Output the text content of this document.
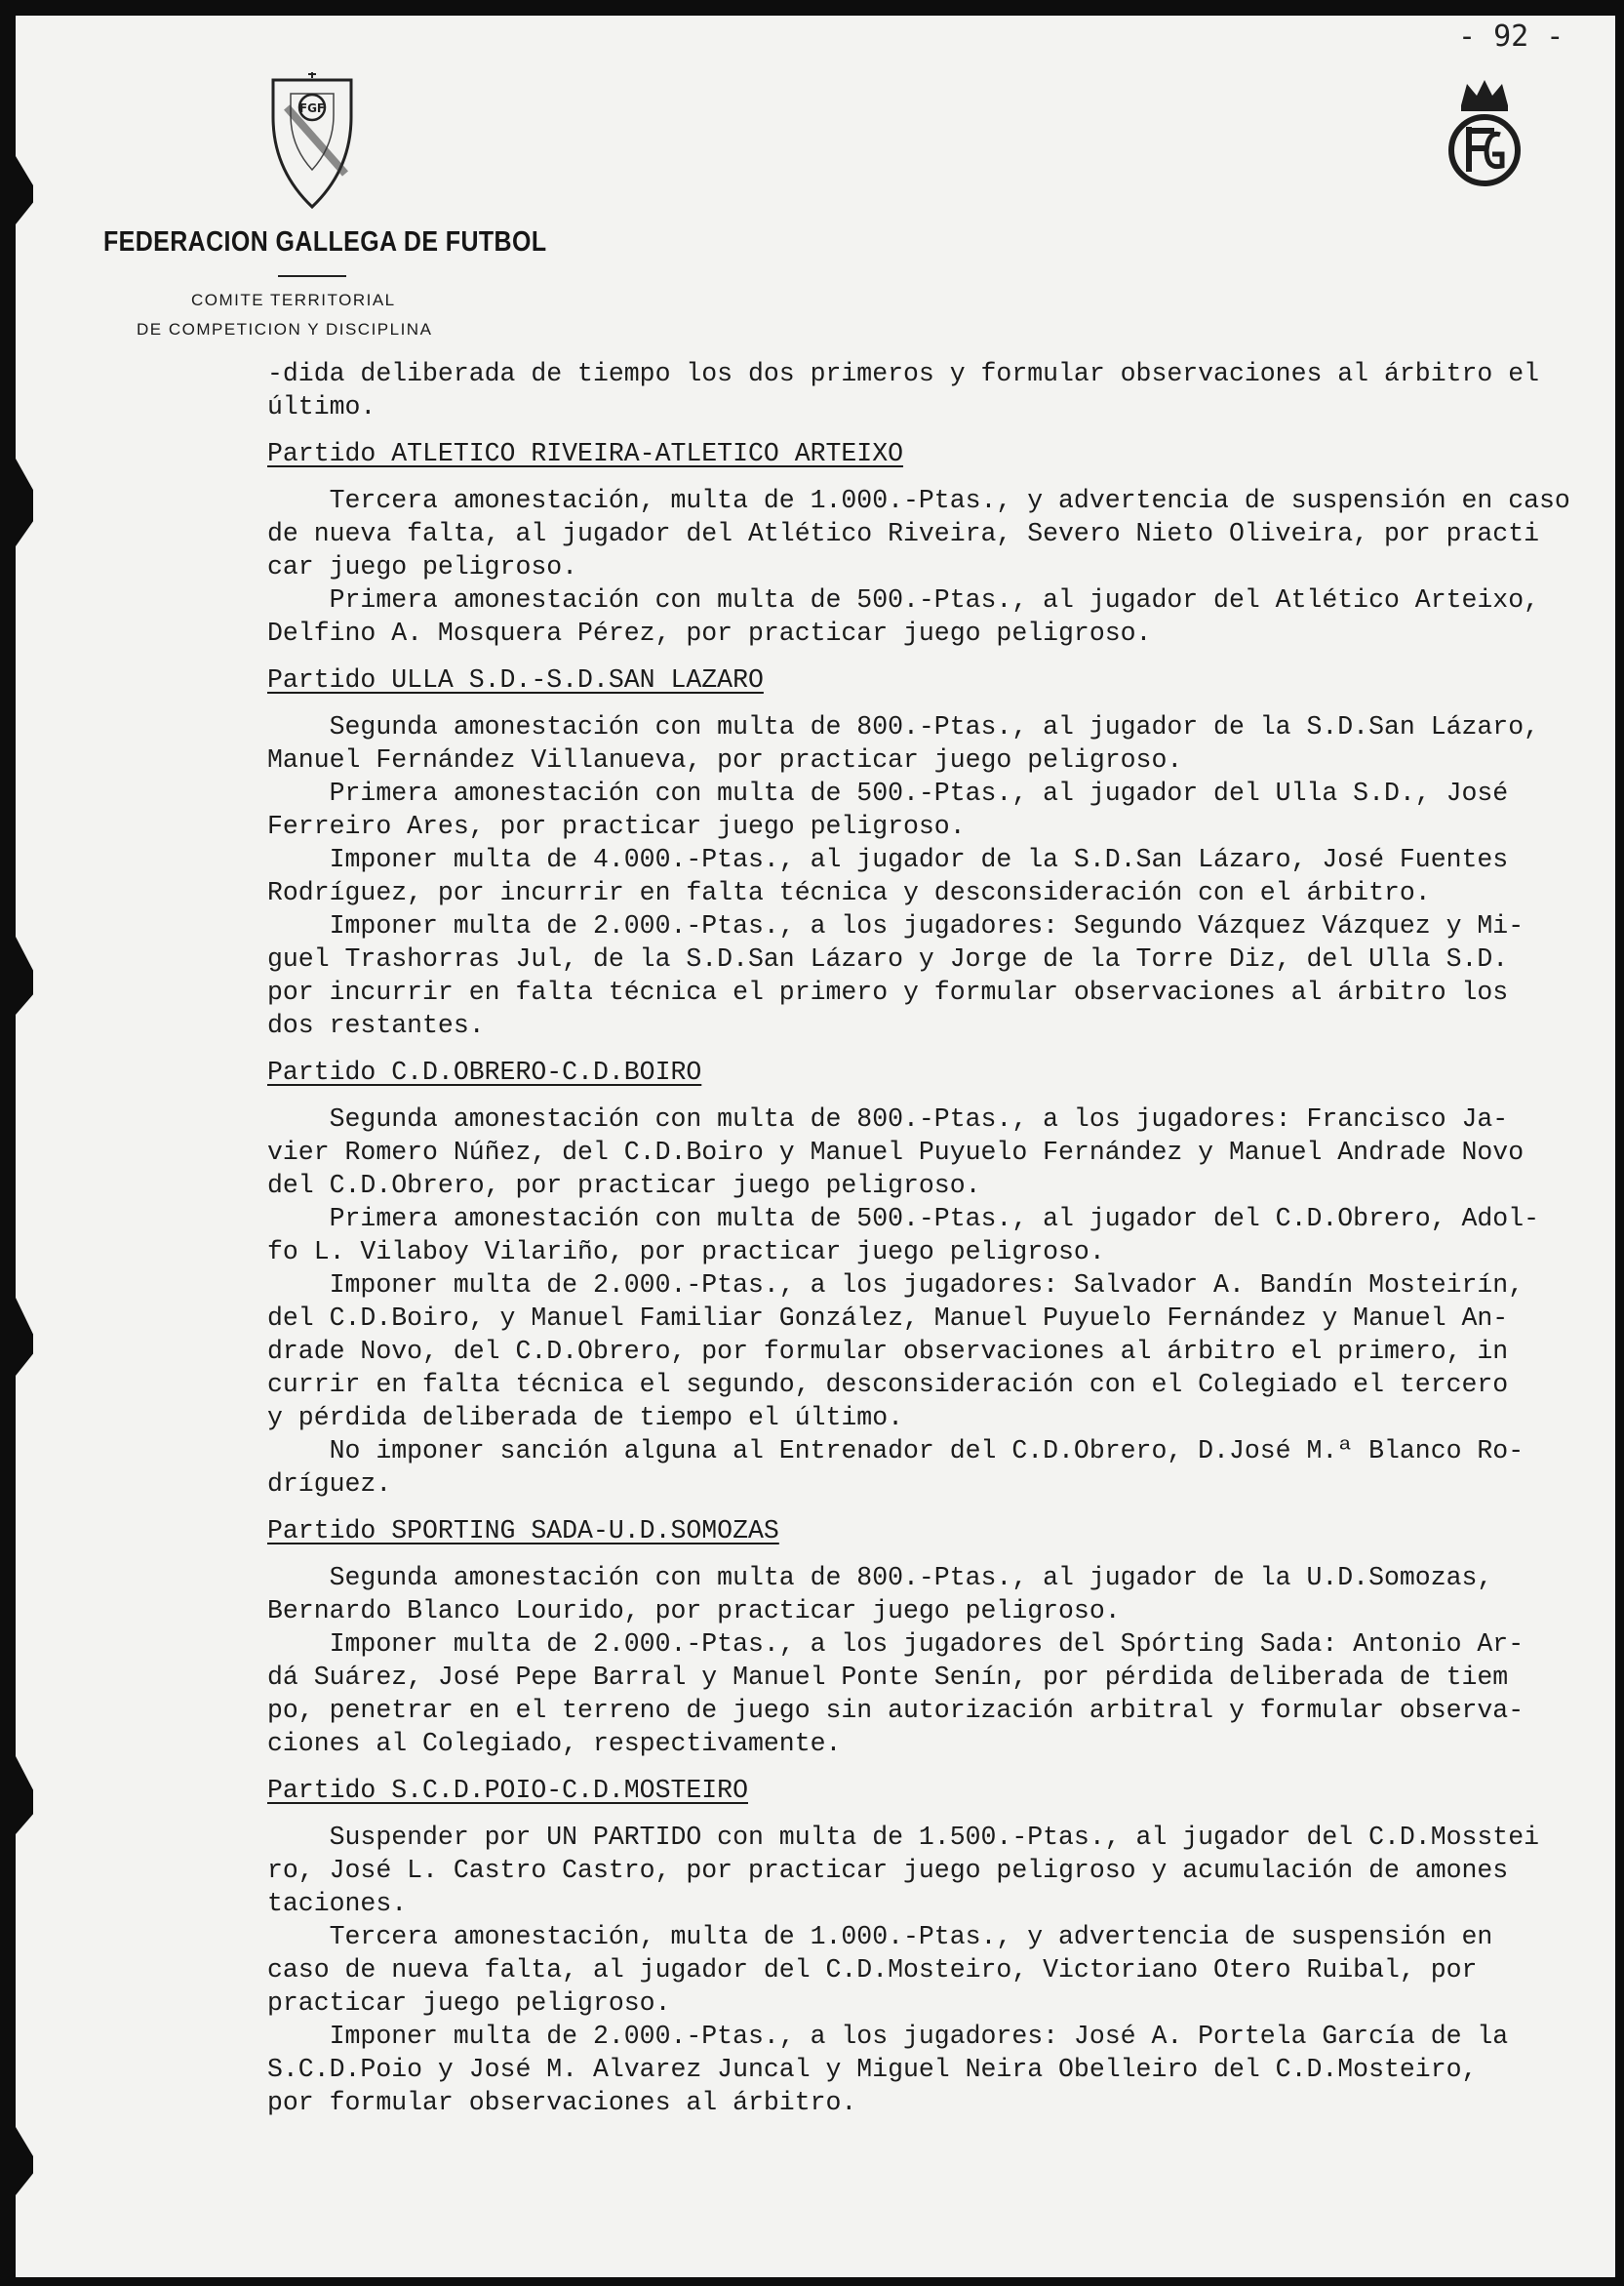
- 92 -
FGF
FEDERACION GALLEGA DE FUTBOL
COMITE TERRITORIAL
DE COMPETICION Y DISCIPLINA
-dida deliberada de tiempo los dos primeros y formular observaciones al árbitro el
último.
Partido ATLETICO RIVEIRA-ATLETICO ARTEIXO
Tercera amonestación, multa de 1.000.-Ptas., y advertencia de suspensión en caso
de nueva falta, al jugador del Atlético Riveira, Severo Nieto Oliveira, por practi
car juego peligroso.
Primera amonestación con multa de 500.-Ptas., al jugador del Atlético Arteixo,
Delfino A. Mosquera Pérez, por practicar juego peligroso.
Partido ULLA S.D.-S.D.SAN LAZARO
Segunda amonestación con multa de 800.-Ptas., al jugador de la S.D.San Lázaro,
Manuel Fernández Villanueva, por practicar juego peligroso.
Primera amonestación con multa de 500.-Ptas., al jugador del Ulla S.D., José
Ferreiro Ares, por practicar juego peligroso.
Imponer multa de 4.000.-Ptas., al jugador de la S.D.San Lázaro, José Fuentes
Rodríguez, por incurrir en falta técnica y desconsideración con el árbitro.
Imponer multa de 2.000.-Ptas., a los jugadores: Segundo Vázquez Vázquez y Mi-
guel Trashorras Jul, de la S.D.San Lázaro y Jorge de la Torre Diz, del Ulla S.D.
por incurrir en falta técnica el primero y formular observaciones al árbitro los
dos restantes.
Partido C.D.OBRERO-C.D.BOIRO
Segunda amonestación con multa de 800.-Ptas., a los jugadores: Francisco Ja-
vier Romero Núñez, del C.D.Boiro y Manuel Puyuelo Fernández y Manuel Andrade Novo
del C.D.Obrero, por practicar juego peligroso.
Primera amonestación con multa de 500.-Ptas., al jugador del C.D.Obrero, Adol-
fo L. Vilaboy Vilariño, por practicar juego peligroso.
Imponer multa de 2.000.-Ptas., a los jugadores: Salvador A. Bandín Mosteirín,
del C.D.Boiro, y Manuel Familiar González, Manuel Puyuelo Fernández y Manuel An-
drade Novo, del C.D.Obrero, por formular observaciones al árbitro el primero, in
currir en falta técnica el segundo, desconsideración con el Colegiado el tercero
y pérdida deliberada de tiempo el último.
No imponer sanción alguna al Entrenador del C.D.Obrero, D.José M.ª Blanco Ro-
dríguez.
Partido SPORTING SADA-U.D.SOMOZAS
Segunda amonestación con multa de 800.-Ptas., al jugador de la U.D.Somozas,
Bernardo Blanco Lourido, por practicar juego peligroso.
Imponer multa de 2.000.-Ptas., a los jugadores del Spórting Sada: Antonio Ar-
dá Suárez, José Pepe Barral y Manuel Ponte Senín, por pérdida deliberada de tiem
po, penetrar en el terreno de juego sin autorización arbitral y formular observa-
ciones al Colegiado, respectivamente.
Partido S.C.D.POIO-C.D.MOSTEIRO
Suspender por UN PARTIDO con multa de 1.500.-Ptas., al jugador del C.D.Mosstei
ro, José L. Castro Castro, por practicar juego peligroso y acumulación de amones
taciones.
Tercera amonestación, multa de 1.000.-Ptas., y advertencia de suspensión en
caso de nueva falta, al jugador del C.D.Mosteiro, Victoriano Otero Ruibal, por
practicar juego peligroso.
Imponer multa de 2.000.-Ptas., a los jugadores: José A. Portela García de la
S.C.D.Poio y José M. Alvarez Juncal y Miguel Neira Obelleiro del C.D.Mosteiro,
por formular observaciones al árbitro.
